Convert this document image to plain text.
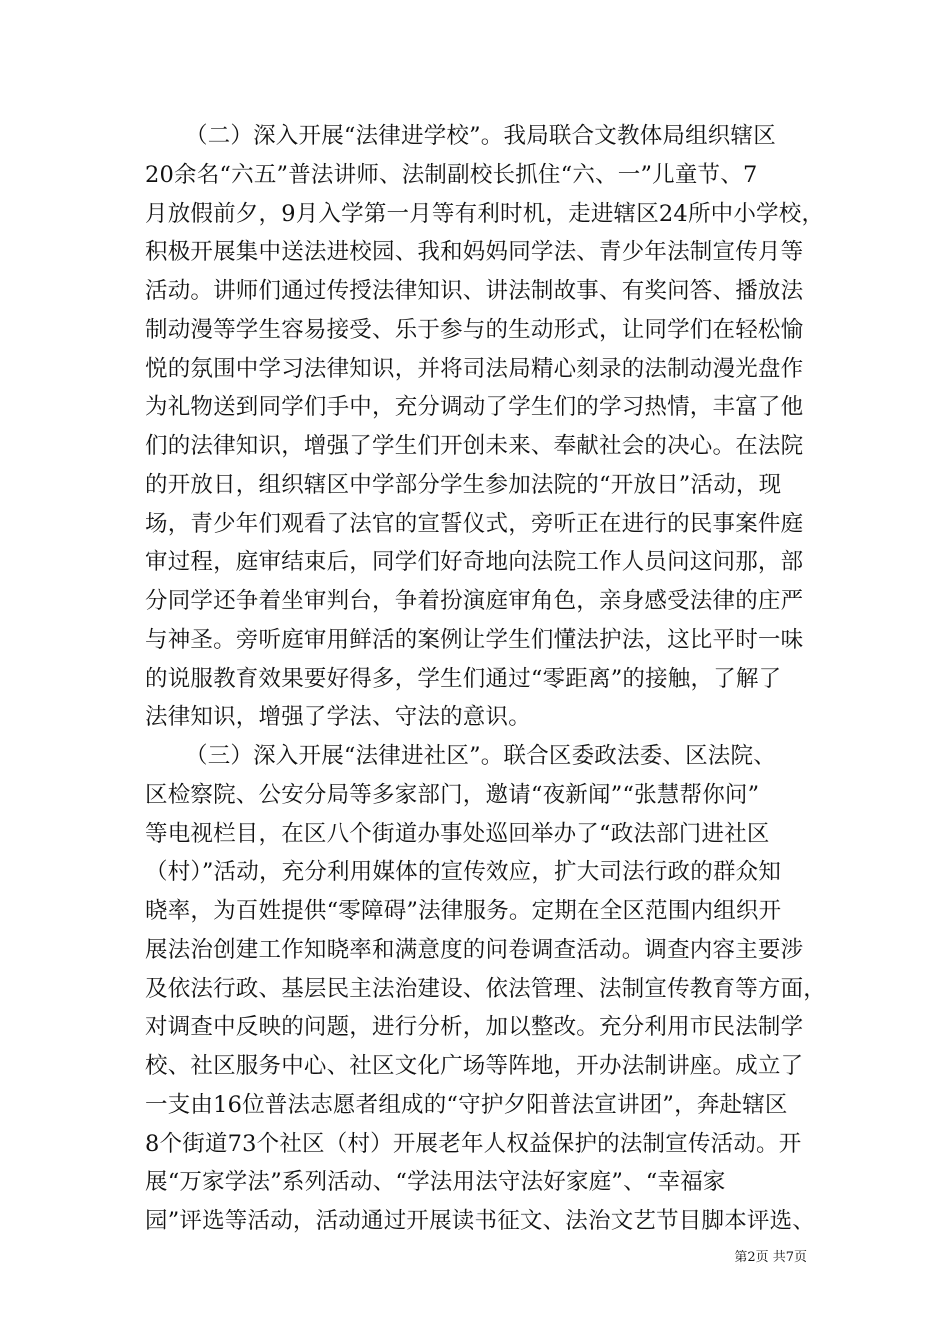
（二）深入开展“法律进学校”。我局联合文教体局组织辖区
20余名“六五”普法讲师、法制副校长抓住“六、一”儿童节、7
月放假前夕，9月入学第一月等有利时机，走进辖区24所中小学校，
积极开展集中送法进校园、我和妈妈同学法、青少年法制宣传月等
活动。讲师们通过传授法律知识、讲法制故事、有奖问答、播放法
制动漫等学生容易接受、乐于参与的生动形式，让同学们在轻松愉
悦的氛围中学习法律知识，并将司法局精心刻录的法制动漫光盘作
为礼物送到同学们手中，充分调动了学生们的学习热情，丰富了他
们的法律知识，增强了学生们开创未来、奉献社会的决心。在法院
的开放日，组织辖区中学部分学生参加法院的“开放日”活动，现
场，青少年们观看了法官的宣誓仪式，旁听正在进行的民事案件庭
审过程，庭审结束后，同学们好奇地向法院工作人员问这问那，部
分同学还争着坐审判台，争着扮演庭审角色，亲身感受法律的庄严
与神圣。旁听庭审用鲜活的案例让学生们懂法护法，这比平时一味
的说服教育效果要好得多，学生们通过“零距离”的接触，了解了
法律知识，增强了学法、守法的意识。
（三）深入开展“法律进社区”。联合区委政法委、区法院、
区检察院、公安分局等多家部门，邀请“夜新闻”“张慧帮你问”
等电视栏目，在区八个街道办事处巡回举办了“政法部门进社区
（村）”活动，充分利用媒体的宣传效应，扩大司法行政的群众知
晓率，为百姓提供“零障碍”法律服务。定期在全区范围内组织开
展法治创建工作知晓率和满意度的问卷调查活动。调查内容主要涉
及依法行政、基层民主法治建设、依法管理、法制宣传教育等方面，
对调查中反映的问题，进行分析，加以整改。充分利用市民法制学
校、社区服务中心、社区文化广场等阵地，开办法制讲座。成立了
一支由16位普法志愿者组成的“守护夕阳普法宣讲团”，奔赴辖区
8个街道73个社区（村）开展老年人权益保护的法制宣传活动。开
展“万家学法”系列活动、“学法用法守法好家庭”、“幸福家
园”评选等活动，活动通过开展读书征文、法治文艺节目脚本评选、
第2页 共7页
